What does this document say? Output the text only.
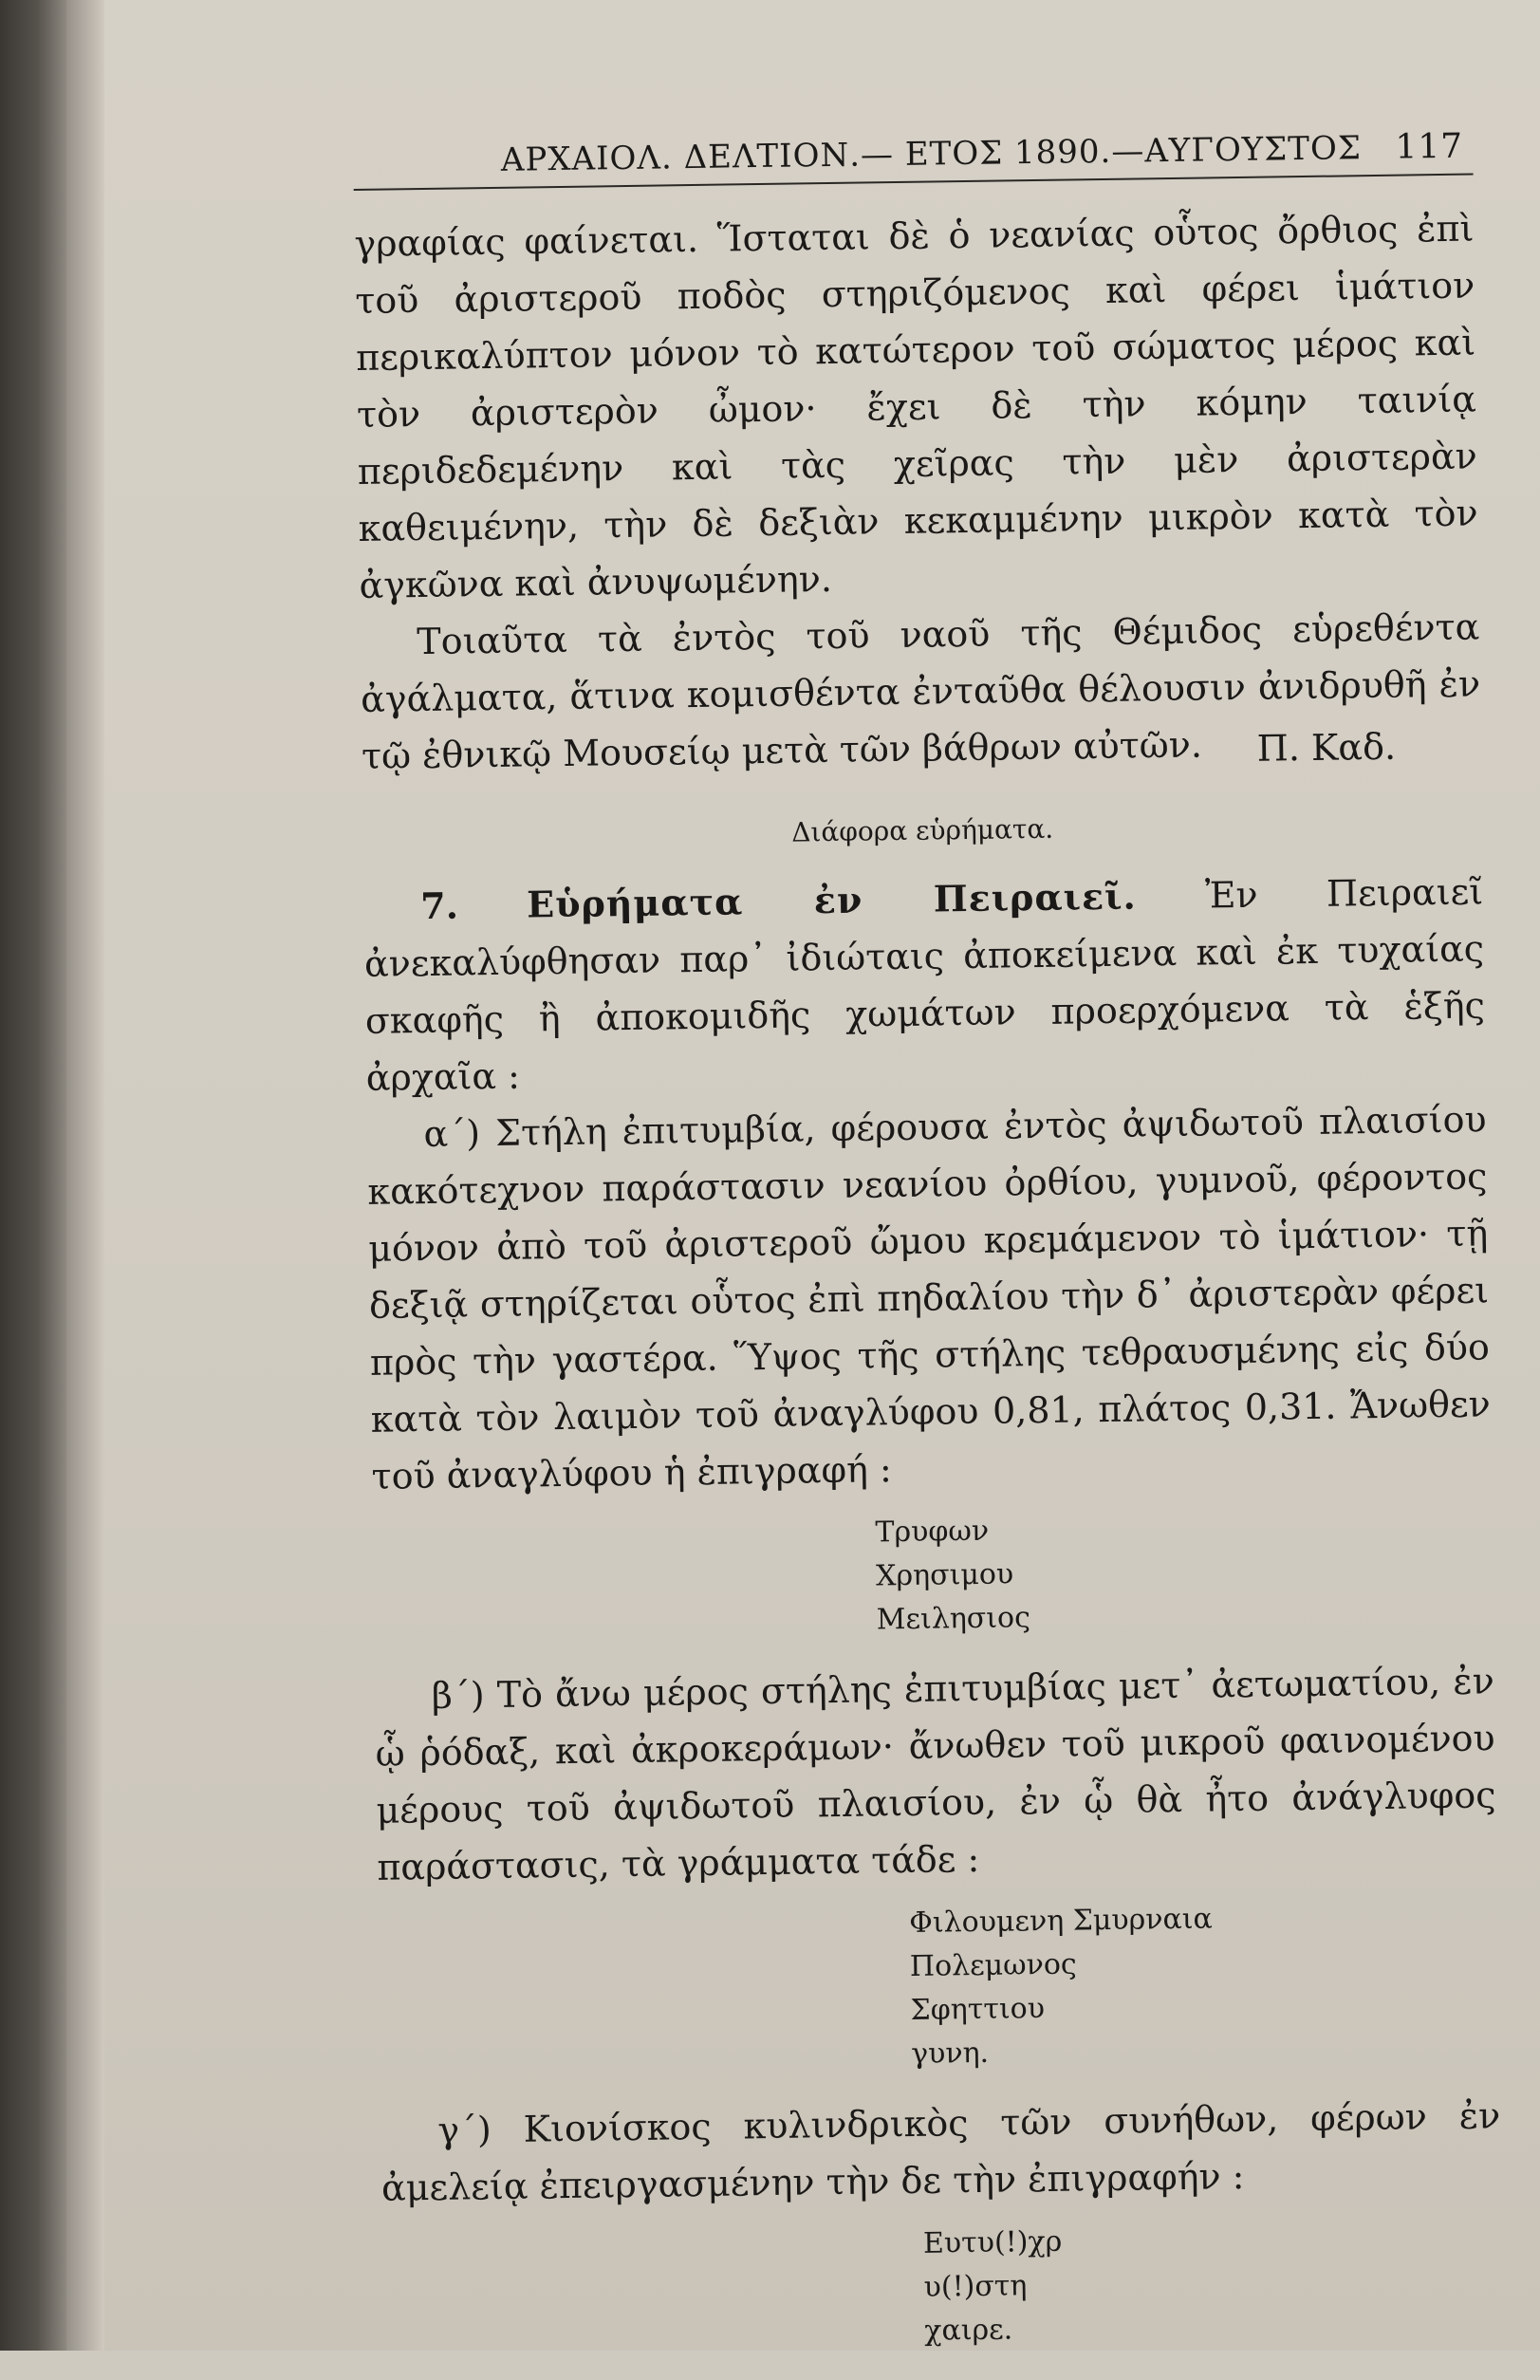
ΑΡΧΑΙΟΛ. ΔΕΛΤΙΟΝ.— ΕΤΟΣ 1890.—ΑΥΓΟΥΣΤΟΣ 117

γραφίας φαίνεται. Ἵσταται δὲ ὁ νεανίας οὗτος ὄρθιος ἐπὶ τοῦ ἀριστεροῦ ποδὸς στηριζόμενος καὶ φέρει ἱμάτιον περικαλύπτον μόνον τὸ κατώτερον τοῦ σώματος μέρος καὶ τὸν ἀριστερὸν ὦμον· ἔχει δὲ τὴν κόμην ταινίᾳ περιδεδεμένην καὶ τὰς χεῖρας τὴν μὲν ἀριστερὰν καθειμένην, τὴν δὲ δεξιὰν κεκαμμένην μικρὸν κατὰ τὸν ἀγκῶνα καὶ ἀνυψωμένην.

Τοιαῦτα τὰ ἐντὸς τοῦ ναοῦ τῆς Θέμιδος εὑρεθέντα ἀγάλματα, ἅτινα κομισθέντα ἐνταῦθα θέλουσιν ἀνιδρυθῆ ἐν τῷ ἐθνικῷ Μουσείῳ μετὰ τῶν βάθρων αὐτῶν.	Π. Καδ.
Διάφορα εὑρήματα.

7. Εὑρήματα ἐν Πειραιεῖ. Ἐν Πειραιεῖ ἀνεκαλύφθησαν παρ᾽ ἰδιώταις ἀποκείμενα καὶ ἐκ τυχαίας σκαφῆς ἢ ἀποκομιδῆς χωμάτων προερχόμενα τὰ ἑξῆς ἀρχαῖα :

α´) Στήλη ἐπιτυμβία, φέρουσα ἐντὸς ἀψιδωτοῦ πλαισίου κακότεχνον παράστασιν νεανίου ὀρθίου, γυμνοῦ, φέροντος μόνον ἀπὸ τοῦ ἀριστεροῦ ὤμου κρεμάμενον τὸ ἱμάτιον· τῇ δεξιᾷ στηρίζεται οὗτος ἐπὶ πηδαλίου τὴν δ᾽ ἀριστερὰν φέρει πρὸς τὴν γαστέρα. Ὕψος τῆς στήλης τεθραυσμένης εἰς δύο κατὰ τὸν λαιμὸν τοῦ ἀναγλύφου 0,81, πλάτος 0,31. Ἄνωθεν τοῦ ἀναγλύφου ἡ ἐπιγραφή :

Τρυφων
Χρησιμου
Μειλησιος

β´) Τὸ ἄνω μέρος στήλης ἐπιτυμβίας μετ᾽ ἀετωματίου, ἐν ᾧ ῥόδαξ, καὶ ἀκροκεράμων· ἄνωθεν τοῦ μικροῦ φαινομένου μέρους τοῦ ἀψιδωτοῦ πλαισίου, ἐν ᾧ θὰ ἦτο ἀνάγλυφος παράστασις, τὰ γράμματα τάδε :

Φιλουμενη Σμυρναια
Πολεμωνος
Σφηττιου
γυνη.

γ´) Κιονίσκος κυλινδρικὸς τῶν συνήθων, φέρων ἐν ἀμελείᾳ ἐπειργασμένην τὴν δε τὴν ἐπιγραφήν :

Ευτυ(!)χρ
υ(!)στη
χαιρε.
